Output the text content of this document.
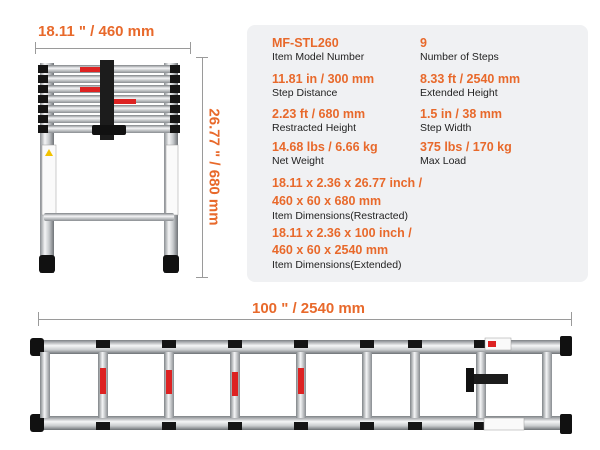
18.11 " / 460 mm
26.77 " / 680 mm
MF-STL260
Item Model Number
9
Number of Steps
11.81 in / 300 mm
Step Distance
8.33 ft / 2540 mm
Extended Height
2.23 ft / 680 mm
Restracted Height
1.5 in / 38 mm
Step Width
14.68 lbs / 6.66 kg
Net Weight
375 lbs / 170 kg
Max Load
18.11 x 2.36 x 26.77 inch /
460 x 60 x 680 mm
Item Dimensions(Restracted)
18.11 x 2.36 x 100 inch /
460 x 60 x 2540 mm
Item Dimensions(Extended)
100 " / 2540 mm
